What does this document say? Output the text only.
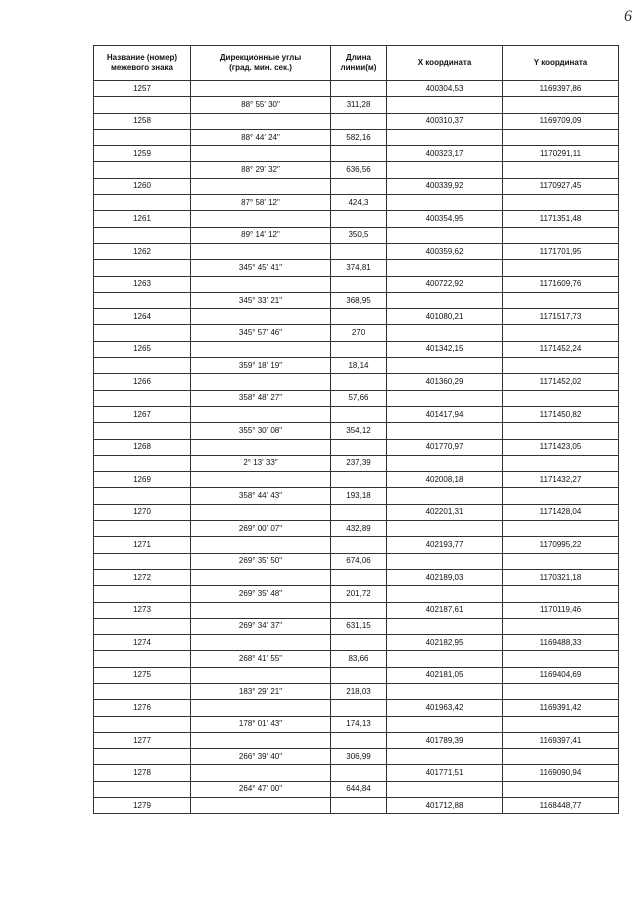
6
Название (номер)
межевого знака	Дирекционные углы
(град. мин. сек.)	Длина линии(м)	X координата	Y координата
1257			400304,53	1169397,86
	88° 55' 30"	311,28		
1258			400310,37	1169709,09
	88° 44' 24"	582,16		
1259			400323,17	1170291,11
	88° 29' 32"	636,56		
1260			400339,92	1170927,45
	87° 58' 12"	424,3		
1261			400354,95	1171351,48
	89° 14' 12"	350,5		
1262			400359,62	1171701,95
	345° 45' 41"	374,81		
1263			400722,92	1171609,76
	345° 33' 21"	368,95		
1264			401080,21	1171517,73
	345° 57' 46"	270		
1265			401342,15	1171452,24
	359° 18' 19"	18,14		
1266			401360,29	1171452,02
	358° 48' 27"	57,66		
1267			401417,94	1171450,82
	355° 30' 08"	354,12		
1268			401770,97	1171423,05
	2° 13' 33"	237,39		
1269			402008,18	1171432,27
	358° 44' 43"	193,18		
1270			402201,31	1171428,04
	269° 00' 07"	432,89		
1271			402193,77	1170995,22
	269° 35' 50"	674,06		
1272			402189,03	1170321,18
	269° 35' 48"	201,72		
1273			402187,61	1170119,46
	269° 34' 37"	631,15		
1274			402182,95	1169488,33
	268° 41' 55"	83,66		
1275			402181,05	1169404,69
	183° 29' 21"	218,03		
1276			401963,42	1169391,42
	178° 01' 43"	174,13		
1277			401789,39	1169397,41
	266° 39' 40"	306,99		
1278			401771,51	1169090,94
	264° 47' 00"	644,84		
1279			401712,88	1168448,77
